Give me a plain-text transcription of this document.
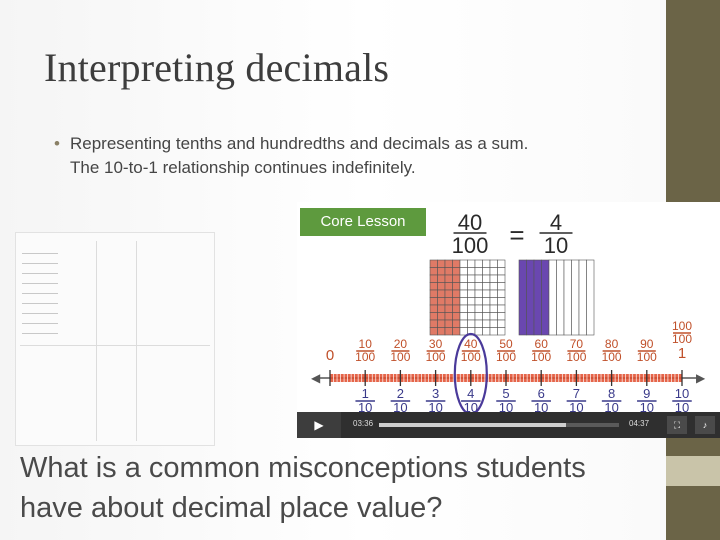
Interpreting decimals
• Representing tenths and hundredths and decimals as a sum.
The 10-to-1 relationship continues indefinitely.
Core Lesson	40
100 = 4
10
◀	▶
0
10
100
20
100
30
100
40
100
50
100
60
100
70
100
80
100
90
100
100
100
1
1
10
2
10
3
10
4
10
5
10
6
10
7
10
8
10
9
10
10
10
▶	03:36	04:37	⛶	♪
What is a common misconceptions students
have about decimal place value?
